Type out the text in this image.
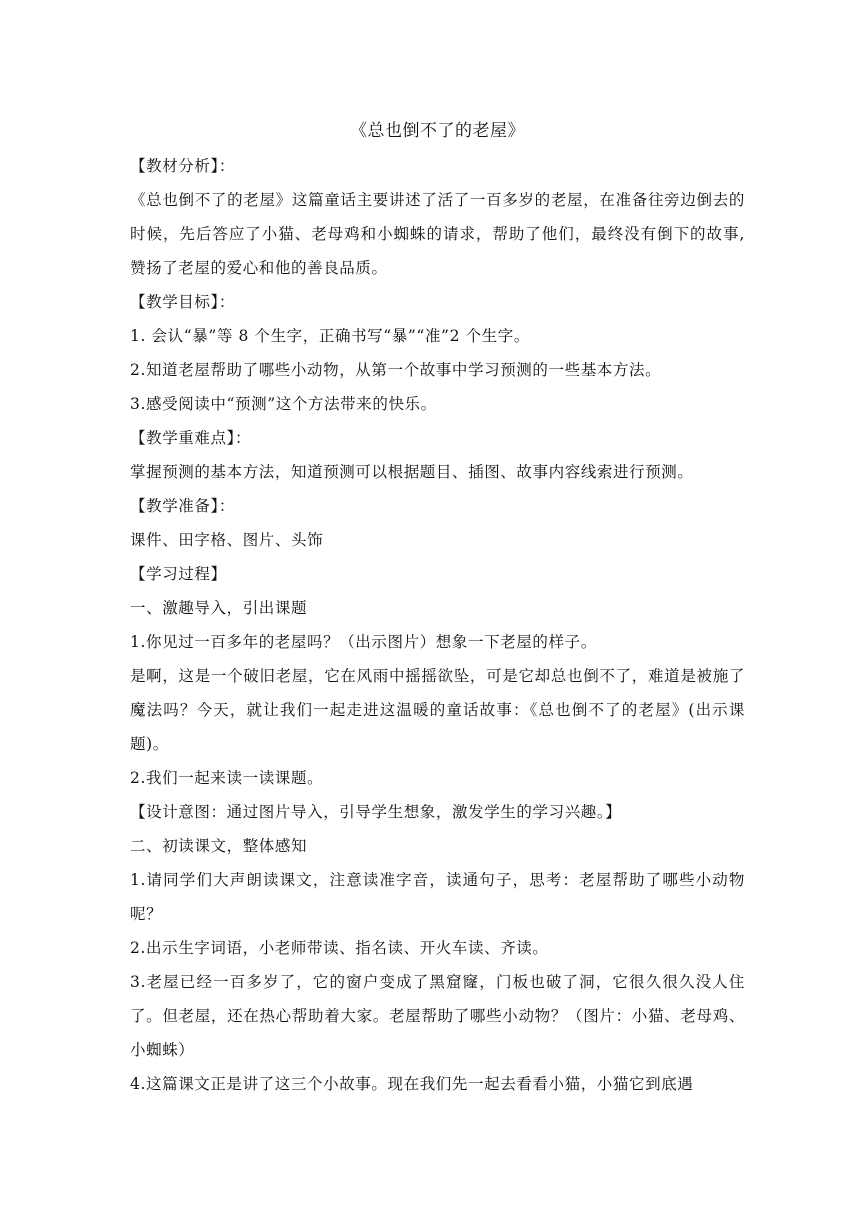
《总也倒不了的老屋》

【教材分析】：

《总也倒不了的老屋》这篇童话主要讲述了活了一百多岁的老屋，在准备往旁边倒去的时候，先后答应了小猫、老母鸡和小蜘蛛的请求，帮助了他们，最终没有倒下的故事,赞扬了老屋的爱心和他的善良品质。

【教学目标】：

1. 会认“暴”等 8 个生字，正确书写“暴”“准”2 个生字。

2.知道老屋帮助了哪些小动物，从第一个故事中学习预测的一些基本方法。

3.感受阅读中“预测”这个方法带来的快乐。

【教学重难点】：

掌握预测的基本方法，知道预测可以根据题目、插图、故事内容线索进行预测。

【教学准备】：

课件、田字格、图片、头饰

【学习过程】

一、激趣导入，引出课题

1.你见过一百多年的老屋吗？（出示图片）想象一下老屋的样子。

是啊，这是一个破旧老屋，它在风雨中摇摇欲坠，可是它却总也倒不了，难道是被施了魔法吗？今天，就让我们一起走进这温暖的童话故事：《总也倒不了的老屋》(出示课题)。

2.我们一起来读一读课题。

【设计意图：通过图片导入，引导学生想象，激发学生的学习兴趣。】

二、初读课文，整体感知

1.请同学们大声朗读课文，注意读准字音，读通句子，思考：老屋帮助了哪些小动物呢？

2.出示生字词语，小老师带读、指名读、开火车读、齐读。

3.老屋已经一百多岁了，它的窗户变成了黑窟窿，门板也破了洞，它很久很久没人住了。但老屋，还在热心帮助着大家。老屋帮助了哪些小动物？（图片：小猫、老母鸡、小蜘蛛）

4.这篇课文正是讲了这三个小故事。现在我们先一起去看看小猫，小猫它到底遇
